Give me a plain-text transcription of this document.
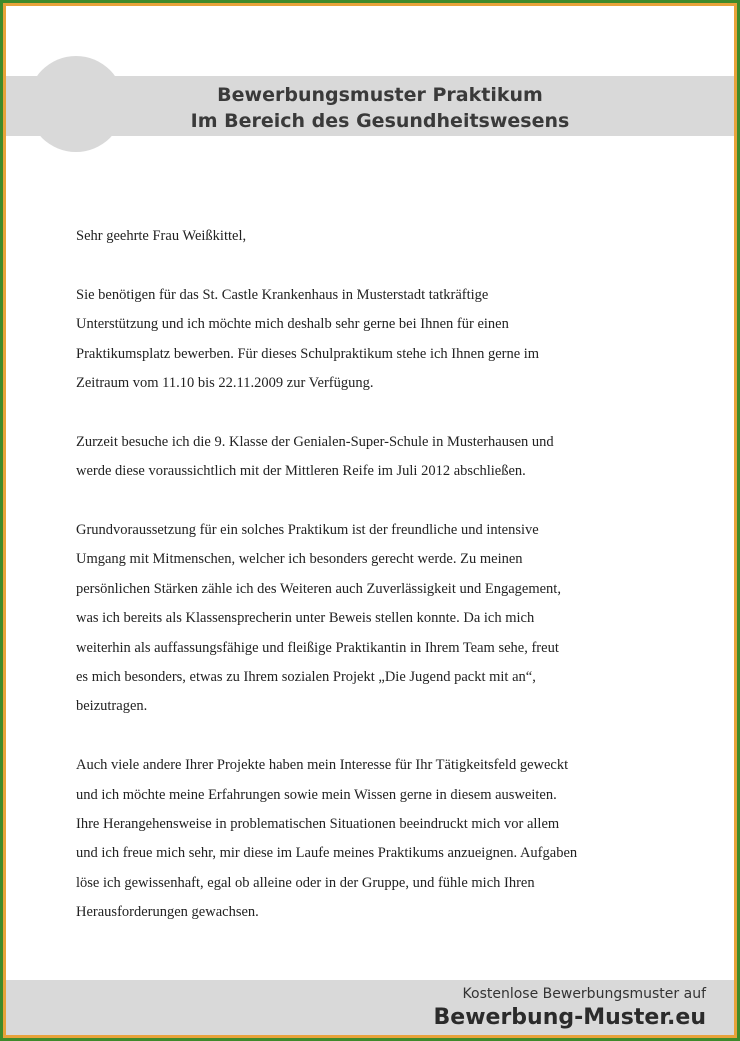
Bewerbungsmuster Praktikum
Im Bereich des Gesundheitswesens
Sehr geehrte Frau Weißkittel,

Sie benötigen für das St. Castle Krankenhaus in Musterstadt tatkräftige
Unterstützung und ich möchte mich deshalb sehr gerne bei Ihnen für einen
Praktikumsplatz bewerben. Für dieses Schulpraktikum stehe ich Ihnen gerne im
Zeitraum vom 11.10 bis 22.11.2009 zur Verfügung.

Zurzeit besuche ich die 9. Klasse der Genialen-Super-Schule in Musterhausen und
werde diese voraussichtlich mit der Mittleren Reife im Juli 2012 abschließen.

Grundvoraussetzung für ein solches Praktikum ist der freundliche und intensive
Umgang mit Mitmenschen, welcher ich besonders gerecht werde. Zu meinen
persönlichen Stärken zähle ich des Weiteren auch Zuverlässigkeit und Engagement,
was ich bereits als Klassensprecherin unter Beweis stellen konnte. Da ich mich
weiterhin als auffassungsfähige und fleißige Praktikantin in Ihrem Team sehe, freut
es mich besonders, etwas zu Ihrem sozialen Projekt „Die Jugend packt mit an“,
beizutragen.

Auch viele andere Ihrer Projekte haben mein Interesse für Ihr Tätigkeitsfeld geweckt
und ich möchte meine Erfahrungen sowie mein Wissen gerne in diesem ausweiten.
Ihre Herangehensweise in problematischen Situationen beeindruckt mich vor allem
und ich freue mich sehr, mir diese im Laufe meines Praktikums anzueignen. Aufgaben
löse ich gewissenhaft, egal ob alleine oder in der Gruppe, und fühle mich Ihren
Herausforderungen gewachsen.

Kostenlose Bewerbungsmuster auf
Bewerbung-Muster.eu
